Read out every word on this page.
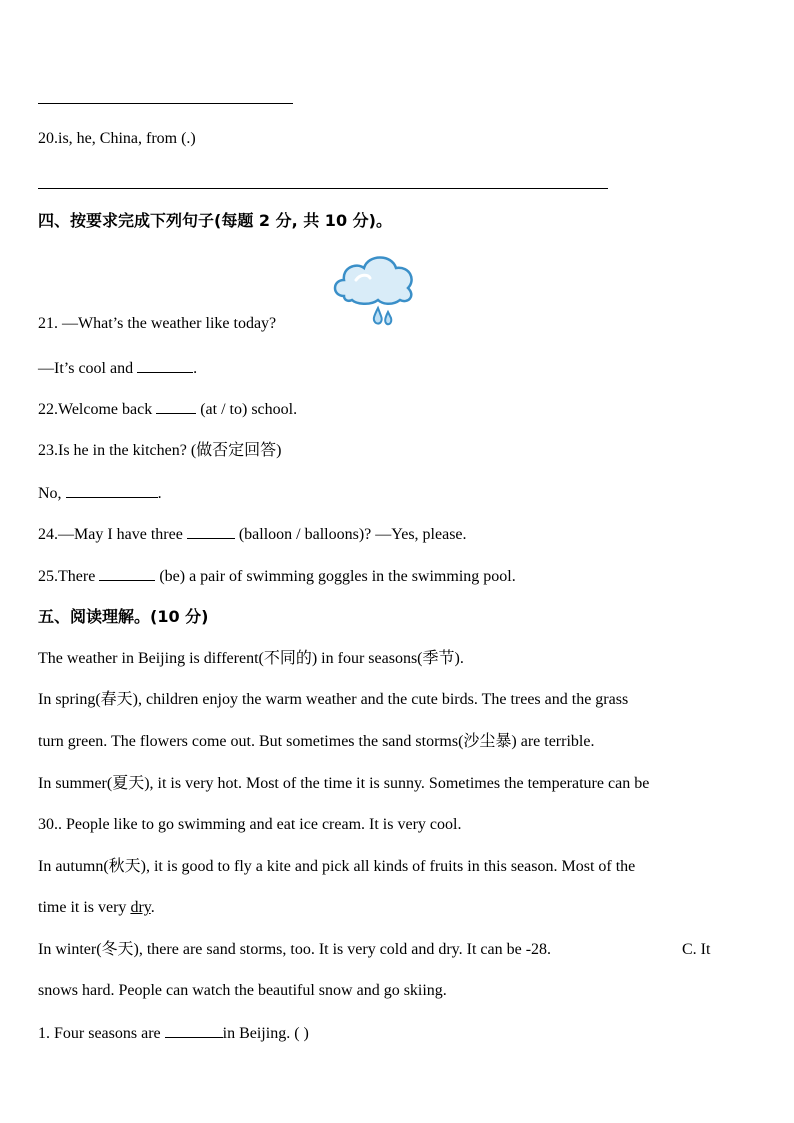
20.is, he, China, from (.)
四、按要求完成下列句子(每题 2 分, 共 10 分)。
21. —What’s the weather like today?
—It’s cool and	.
22.Welcome back	(at / to) school.
23.Is he in the kitchen? (做否定回答)
No,	.
24.—May I have three	(balloon / balloons)? —Yes, please.
25.There	(be) a pair of swimming goggles in the swimming pool.
五、阅读理解。(10 分)
The weather in Beijing is different(不同的) in four seasons(季节).
In spring(春天), children enjoy the warm weather and the cute birds. The trees and the grass
turn green. The flowers come out. But sometimes the sand storms(沙尘暴) are terrible.
In summer(夏天), it is very hot. Most of the time it is sunny. Sometimes the temperature can be
30.. People like to go swimming and eat ice cream. It is very cool.
In autumn(秋天), it is good to fly a kite and pick all kinds of fruits in this season. Most of the
time it is very dry.
In winter(冬天), there are sand storms, too. It is very cold and dry. It can be -28.	C. It
snows hard. People can watch the beautiful snow and go skiing.
1. Four seasons are	in Beijing. ( )
